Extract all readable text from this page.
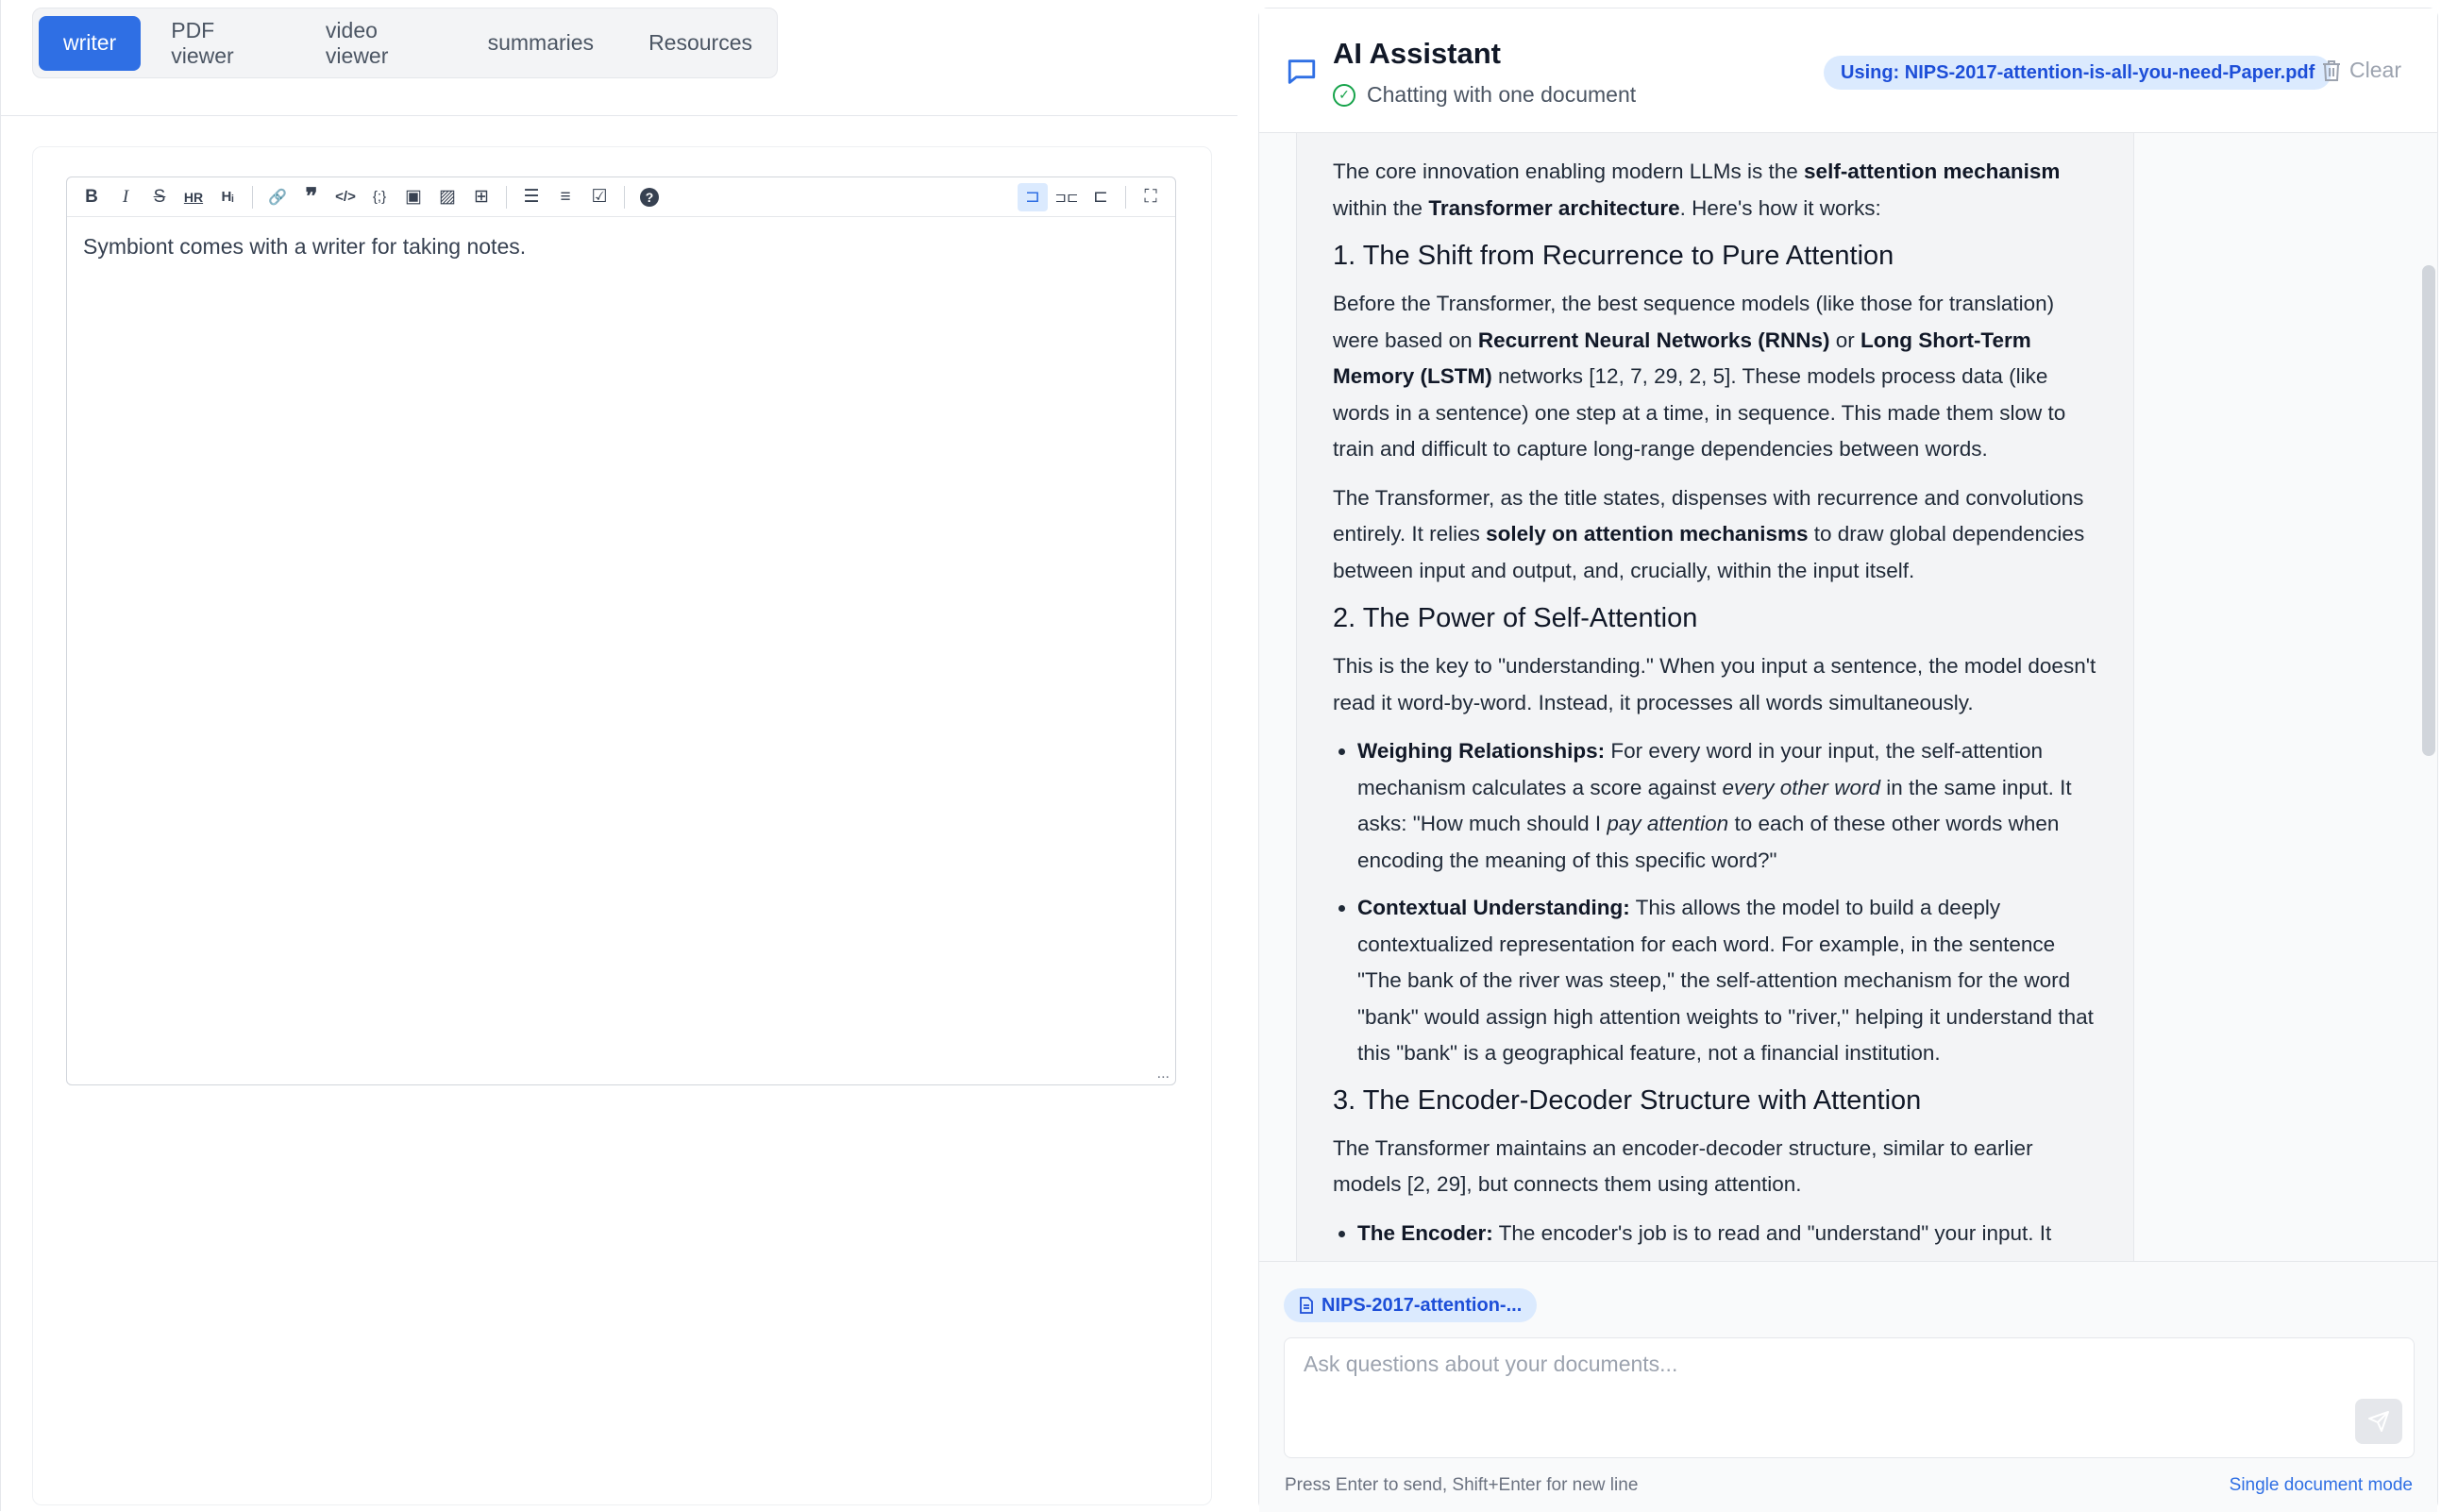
writer
PDF viewer
video viewer
summaries	Resources
B	I	S	HR	Hᵢ	🔗 ❞	</>	{;}	▣ ▨	⊞	☰	≡	☑	?	⊐	⊐⊏ ⊏	⛶
Symbiont comes with a writer for taking notes.
...
AI Assistant
✓ Chatting with one document
Using: NIPS-2017-attention-is-all-you-need-Paper.pdf	Clear

The core innovation enabling modern LLMs is the self-attention mechanism within the Transformer architecture. Here's how it works:

1. The Shift from Recurrence to Pure Attention

Before the Transformer, the best sequence models (like those for translation) were based on Recurrent Neural Networks (RNNs) or Long Short-Term Memory (LSTM) networks [12, 7, 29, 2, 5]. These models process data (like words in a sentence) one step at a time, in sequence. This made them slow to train and difficult to capture long-range dependencies between words.

The Transformer, as the title states, dispenses with recurrence and convolutions entirely. It relies solely on attention mechanisms to draw global dependencies between input and output, and, crucially, within the input itself.

2. The Power of Self-Attention

This is the key to "understanding." When you input a sentence, the model doesn't read it word-by-word. Instead, it processes all words simultaneously.

• Weighing Relationships: For every word in your input, the self-attention mechanism calculates a score against every other word in the same input. It asks: "How much should I pay attention to each of these other words when encoding the meaning of this specific word?"
• Contextual Understanding: This allows the model to build a deeply contextualized representation for each word. For example, in the sentence "The bank of the river was steep," the self-attention mechanism for the word "bank" would assign high attention weights to "river," helping it understand that this "bank" is a geographical feature, not a financial institution.
3. The Encoder-Decoder Structure with Attention

The Transformer maintains an encoder-decoder structure, similar to earlier models [2, 29], but connects them using attention.

• The Encoder: The encoder's job is to read and "understand" your input. It
NIPS-2017-attention-...
Ask questions about your documents...
Press Enter to send, Shift+Enter for new line	Single document mode
